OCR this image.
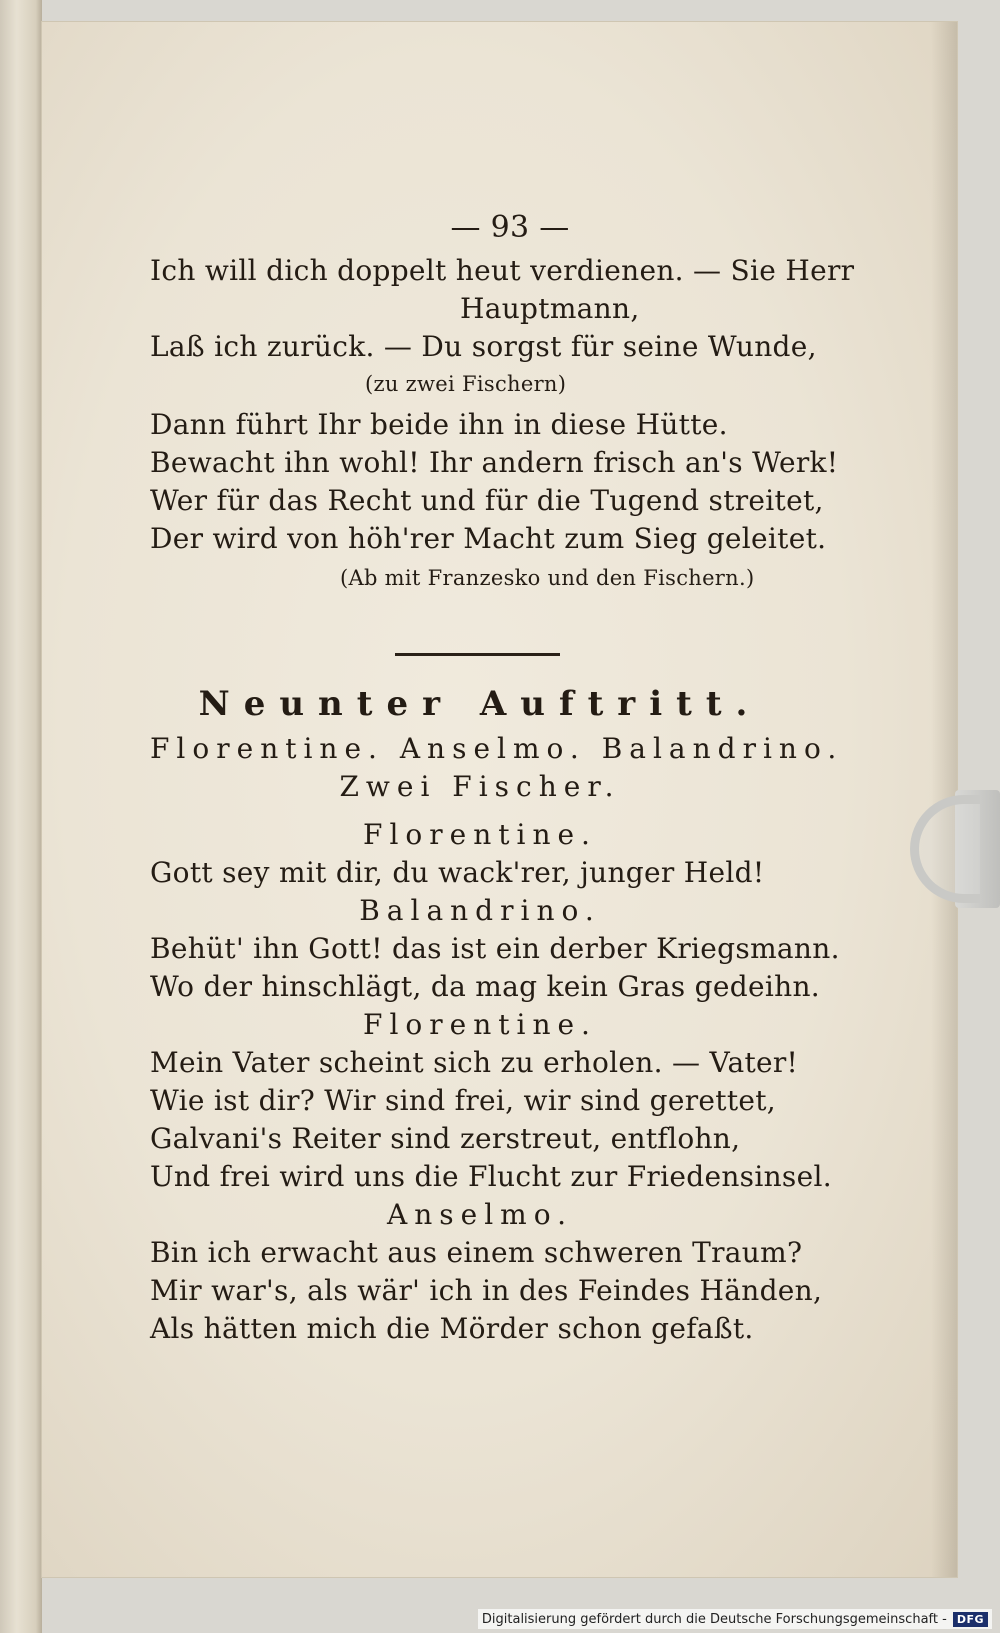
— 93 —
Ich will dich doppelt heut verdienen. — Sie Herr
Hauptmann,
Laß ich zurück. — Du sorgst für seine Wunde,
(zu zwei Fischern)
Dann führt Ihr beide ihn in diese Hütte.
Bewacht ihn wohl! Ihr andern frisch an's Werk!
Wer für das Recht und für die Tugend streitet,
Der wird von höh'rer Macht zum Sieg geleitet.
(Ab mit Franzesko und den Fischern.)
Neunter Auftritt.
Florentine. Anselmo. Balandrino.
Zwei Fischer.
Florentine.
Gott sey mit dir, du wack'rer, junger Held!
Balandrino.
Behüt' ihn Gott! das ist ein derber Kriegsmann.
Wo der hinschlägt, da mag kein Gras gedeihn.
Florentine.
Mein Vater scheint sich zu erholen. — Vater!
Wie ist dir? Wir sind frei, wir sind gerettet,
Galvani's Reiter sind zerstreut, entflohn,
Und frei wird uns die Flucht zur Friedensinsel.
Anselmo.
Bin ich erwacht aus einem schweren Traum?
Mir war's, als wär' ich in des Feindes Händen,
Als hätten mich die Mörder schon gefaßt.
Digitalisierung gefördert durch die Deutsche Forschungsgemeinschaft - DFG
